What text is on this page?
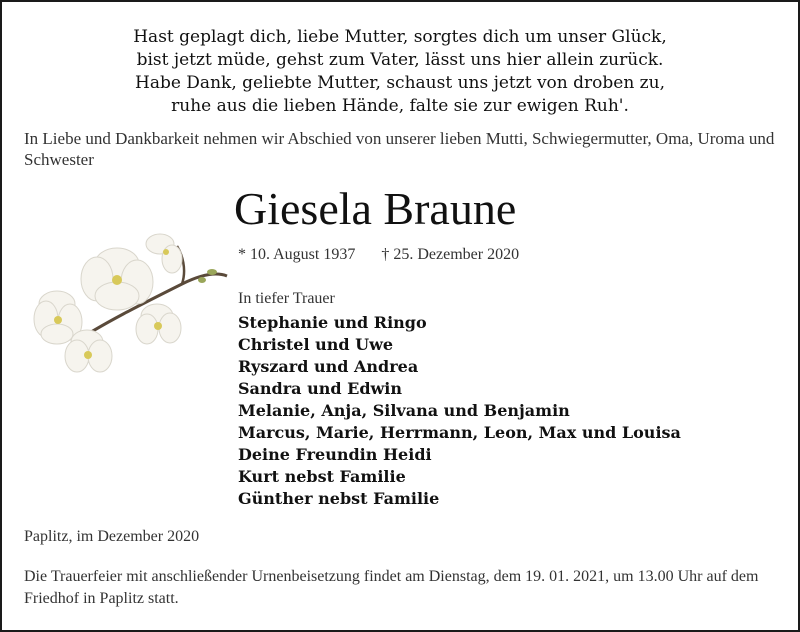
Hast geplagt dich, liebe Mutter, sorgtes dich um unser Glück,
bist jetzt müde, gehst zum Vater, lässt uns hier allein zurück.
Habe Dank, geliebte Mutter, schaust uns jetzt von droben zu,
ruhe aus die lieben Hände, falte sie zur ewigen Ruh'.
In Liebe und Dankbarkeit nehmen wir Abschied von unserer lieben Mutti, Schwiegermutter, Oma, Uroma und Schwester
Giesela Braune
* 10. August 1937 † 25. Dezember 2020
In tiefer Trauer
Stephanie und Ringo
Christel und Uwe
Ryszard und Andrea
Sandra und Edwin
Melanie, Anja, Silvana und Benjamin
Marcus, Marie, Herrmann, Leon, Max und Louisa
Deine Freundin Heidi
Kurt nebst Familie
Günther nebst Familie
Paplitz, im Dezember 2020
Die Trauerfeier mit anschließender Urnenbeisetzung findet am Dienstag, dem 19. 01. 2021, um 13.00 Uhr auf dem Friedhof in Paplitz statt.
